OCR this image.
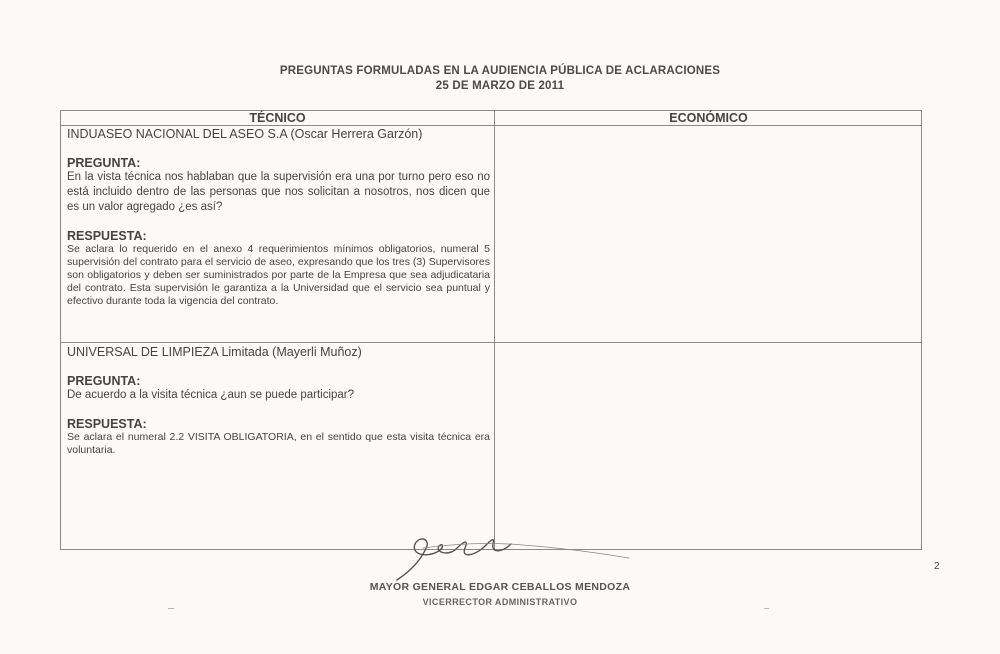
PREGUNTAS FORMULADAS EN LA AUDIENCIA PÚBLICA DE ACLARACIONES
25 DE MARZO DE 2011
TÉCNICO	ECONÓMICO
INDUASEO NACIONAL DEL ASEO S.A (Oscar Herrera Garzón)
PREGUNTA:
En la vista técnica nos hablaban que la supervisión era una por turno pero eso no está incluido dentro de las personas que nos solicitan a nosotros, nos dicen que es un valor agregado ¿es así?
RESPUESTA:
Se aclara lo requerido en el anexo 4 requerimientos mínimos obligatorios, numeral 5 supervisión del contrato para el servicio de aseo, expresando que los tres (3) Supervisores son obligatorios y deben ser suministrados por parte de la Empresa que sea adjudicataria del contrato. Esta supervisión le garantiza a la Universidad que el servicio sea puntual y efectivo durante toda la vigencia del contrato.
UNIVERSAL DE LIMPIEZA Limitada (Mayerli Muñoz)
PREGUNTA:
De acuerdo a la visita técnica ¿aun se puede participar?
RESPUESTA:
Se aclara el numeral 2.2 VISITA OBLIGATORIA, en el sentido que esta visita técnica era voluntaria.
2
MAYOR GENERAL EDGAR CEBALLOS MENDOZA
VICERRECTOR ADMINISTRATIVO
